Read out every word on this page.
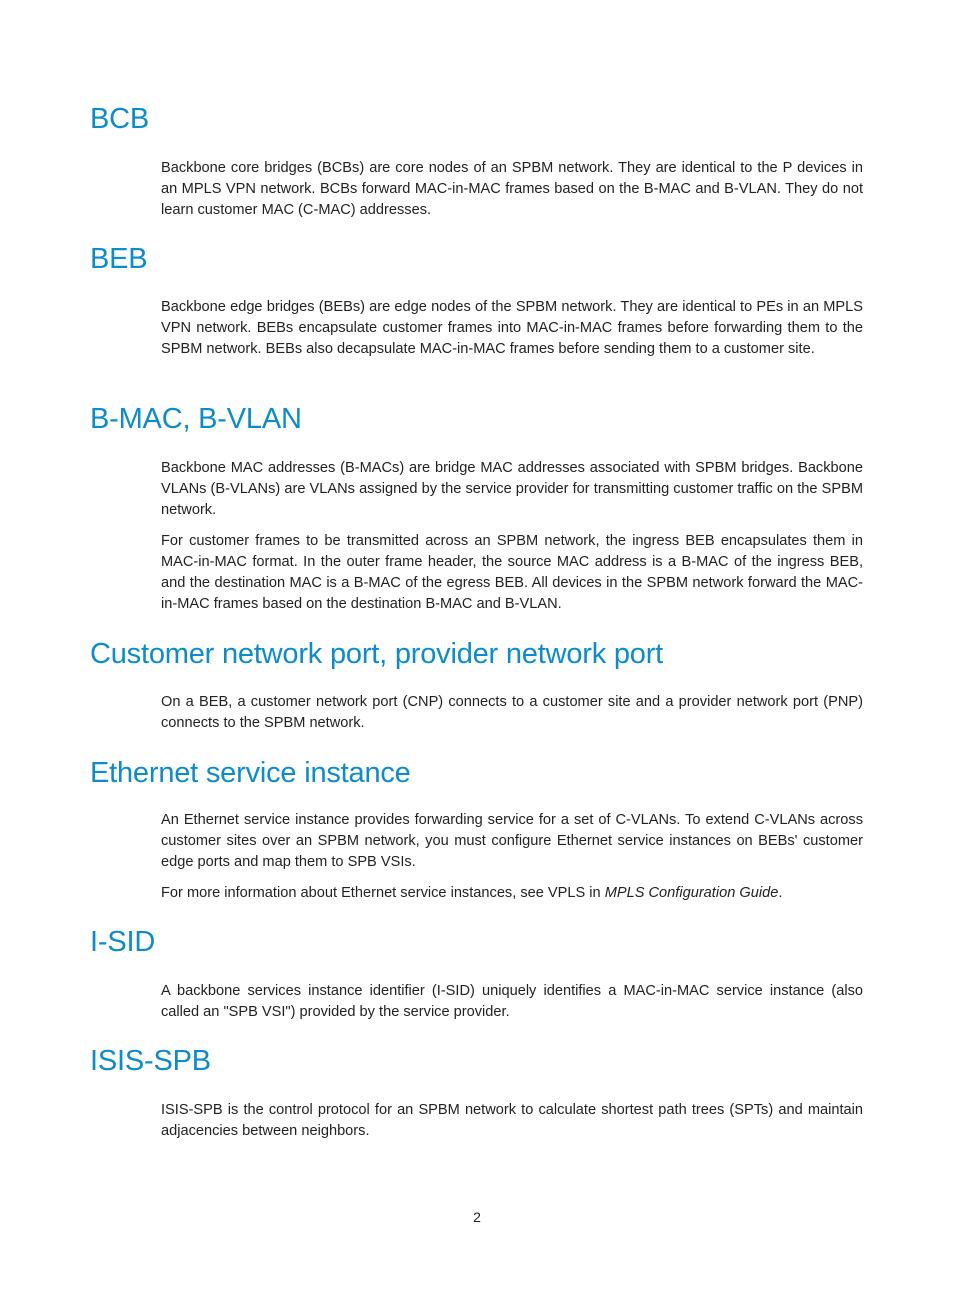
BCB

Backbone core bridges (BCBs) are core nodes of an SPBM network. They are identical to the P devices in an MPLS VPN network. BCBs forward MAC-in-MAC frames based on the B-MAC and B-VLAN. They do not learn customer MAC (C-MAC) addresses.

BEB

Backbone edge bridges (BEBs) are edge nodes of the SPBM network. They are identical to PEs in an MPLS VPN network. BEBs encapsulate customer frames into MAC-in-MAC frames before forwarding them to the SPBM network. BEBs also decapsulate MAC-in-MAC frames before sending them to a customer site.

B-MAC, B-VLAN

Backbone MAC addresses (B-MACs) are bridge MAC addresses associated with SPBM bridges. Backbone VLANs (B-VLANs) are VLANs assigned by the service provider for transmitting customer traffic on the SPBM network.

For customer frames to be transmitted across an SPBM network, the ingress BEB encapsulates them in MAC-in-MAC format. In the outer frame header, the source MAC address is a B-MAC of the ingress BEB, and the destination MAC is a B-MAC of the egress BEB. All devices in the SPBM network forward the MAC-in-MAC frames based on the destination B-MAC and B-VLAN.

Customer network port, provider network port

On a BEB, a customer network port (CNP) connects to a customer site and a provider network port (PNP) connects to the SPBM network.

Ethernet service instance

An Ethernet service instance provides forwarding service for a set of C-VLANs. To extend C-VLANs across customer sites over an SPBM network, you must configure Ethernet service instances on BEBs' customer edge ports and map them to SPB VSIs.

For more information about Ethernet service instances, see VPLS in MPLS Configuration Guide.

I-SID

A backbone services instance identifier (I-SID) uniquely identifies a MAC-in-MAC service instance (also called an "SPB VSI") provided by the service provider.

ISIS-SPB

ISIS-SPB is the control protocol for an SPBM network to calculate shortest path trees (SPTs) and maintain adjacencies between neighbors.

2
